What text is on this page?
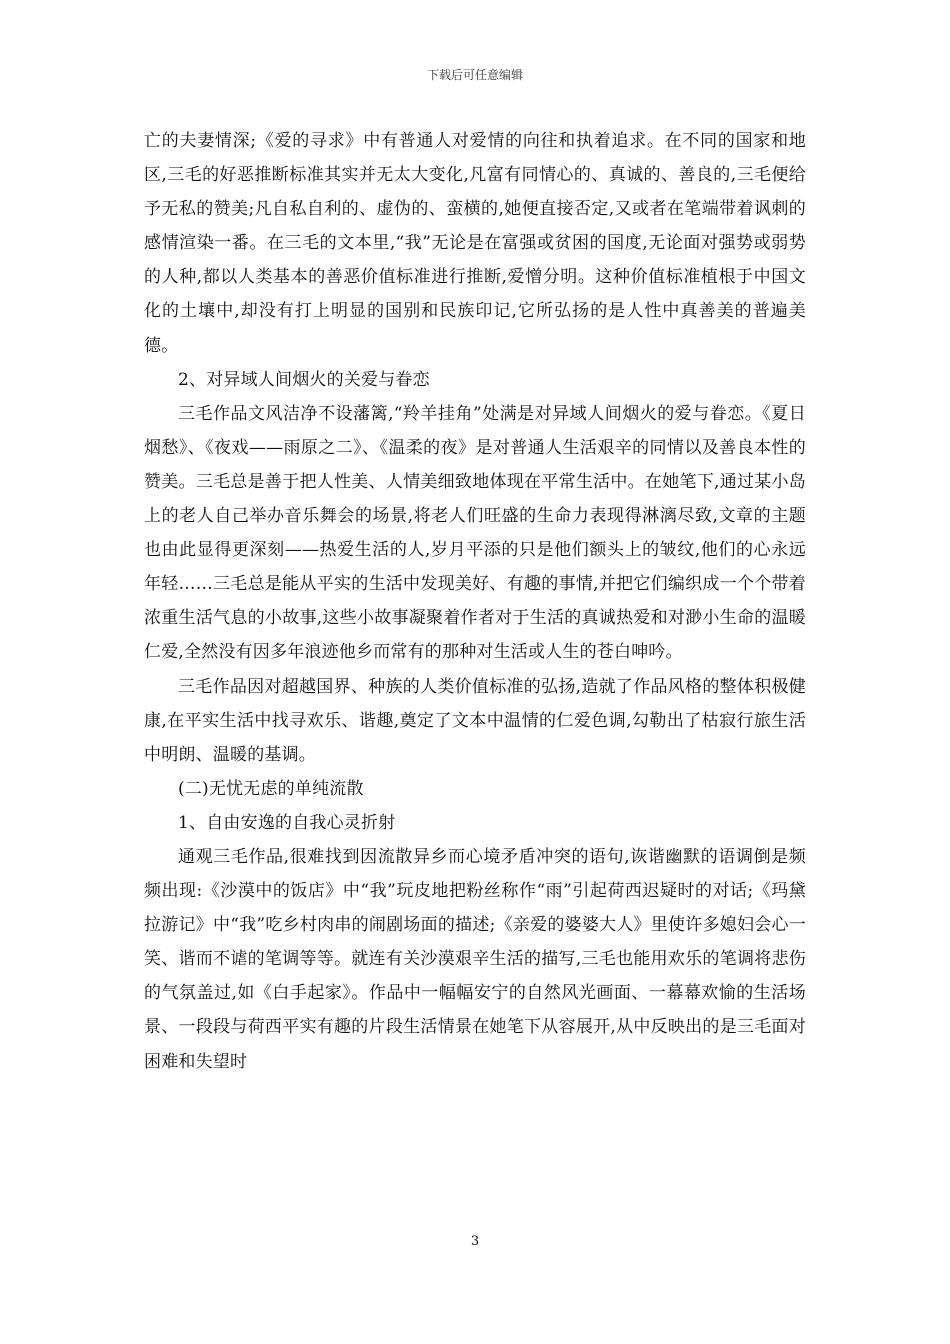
下载后可任意编辑

亡的夫妻情深;《爱的寻求》中有普通人对爱情的向往和执着追求。在不同的国家和地区,三毛的好恶推断标准其实并无太大变化,凡富有同情心的、真诚的、善良的,三毛便给予无私的赞美;凡自私自利的、虚伪的、蛮横的,她便直接否定,又或者在笔端带着讽刺的感情渲染一番。在三毛的文本里,“我”无论是在富强或贫困的国度,无论面对强势或弱势的人种,都以人类基本的善恶价值标准进行推断,爱憎分明。这种价值标准植根于中国文化的土壤中,却没有打上明显的国别和民族印记,它所弘扬的是人性中真善美的普遍美德。

2、对异域人间烟火的关爱与眷恋

三毛作品文风洁净不设藩篱,“羚羊挂角”处满是对异域人间烟火的爱与眷恋。《夏日烟愁》、《夜戏——雨原之二》、《温柔的夜》是对普通人生活艰辛的同情以及善良本性的赞美。三毛总是善于把人性美、人情美细致地体现在平常生活中。在她笔下,通过某小岛上的老人自己举办音乐舞会的场景,将老人们旺盛的生命力表现得淋漓尽致,文章的主题也由此显得更深刻——热爱生活的人,岁月平添的只是他们额头上的皱纹,他们的心永远年轻……三毛总是能从平实的生活中发现美好、有趣的事情,并把它们编织成一个个带着浓重生活气息的小故事,这些小故事凝聚着作者对于生活的真诚热爱和对渺小生命的温暖仁爱,全然没有因多年浪迹他乡而常有的那种对生活或人生的苍白呻吟。

三毛作品因对超越国界、种族的人类价值标准的弘扬,造就了作品风格的整体积极健康,在平实生活中找寻欢乐、谐趣,奠定了文本中温情的仁爱色调,勾勒出了枯寂行旅生活中明朗、温暖的基调。

(二)无忧无虑的单纯流散

1、自由安逸的自我心灵折射

通观三毛作品,很难找到因流散异乡而心境矛盾冲突的语句,诙谐幽默的语调倒是频频出现:《沙漠中的饭店》中“我”玩皮地把粉丝称作“雨”引起荷西迟疑时的对话;《玛黛拉游记》中“我”吃乡村肉串的闹剧场面的描述;《亲爱的婆婆大人》里使许多媳妇会心一笑、谐而不谑的笔调等等。就连有关沙漠艰辛生活的描写,三毛也能用欢乐的笔调将悲伤的气氛盖过,如《白手起家》。作品中一幅幅安宁的自然风光画面、一幕幕欢愉的生活场景、一段段与荷西平实有趣的片段生活情景在她笔下从容展开,从中反映出的是三毛面对困难和失望时

3
